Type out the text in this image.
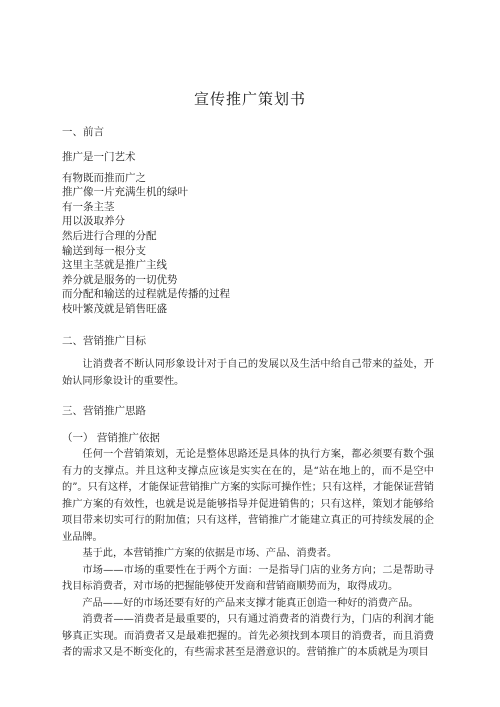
宣传推广策划书
一、前言
推广是一门艺术
有物既而推而广之
推广像一片充满生机的绿叶
有一条主茎
用以汲取养分
然后进行合理的分配
输送到每一根分支
这里主茎就是推广主线
养分就是服务的一切优势
而分配和输送的过程就是传播的过程
枝叶繁茂就是销售旺盛
二、营销推广目标

让消费者不断认同形象设计对于自己的发展以及生活中给自己带来的益处，开始认同形象设计的重要性。

三、营销推广思路
（一） 营销推广依据

任何一个营销策划，无论是整体思路还是具体的执行方案，都必须要有数个强有力的支撑点。并且这种支撑点应该是实实在在的，是“站在地上的，而不是空中的”。只有这样，才能保证营销推广方案的实际可操作性；只有这样，才能保证营销推广方案的有效性，也就是说是能够指导并促进销售的；只有这样，策划才能够给项目带来切实可行的附加值；只有这样，营销推广才能建立真正的可持续发展的企业品牌。

基于此，本营销推广方案的依据是市场、产品、消费者。

市场——市场的重要性在于两个方面：一是指导门店的业务方向；二是帮助寻找目标消费者，对市场的把握能够使开发商和营销商顺势而为，取得成功。

产品——好的市场还要有好的产品来支撑才能真正创造一种好的消费产品。

消费者——消费者是最重要的，只有通过消费者的消费行为，门店的利润才能够真正实现。而消费者又是最难把握的。首先必须找到本项目的消费者，而且消费者的需求又是不断变化的，有些需求甚至是潜意识的。营销推广的本质就是为项目
